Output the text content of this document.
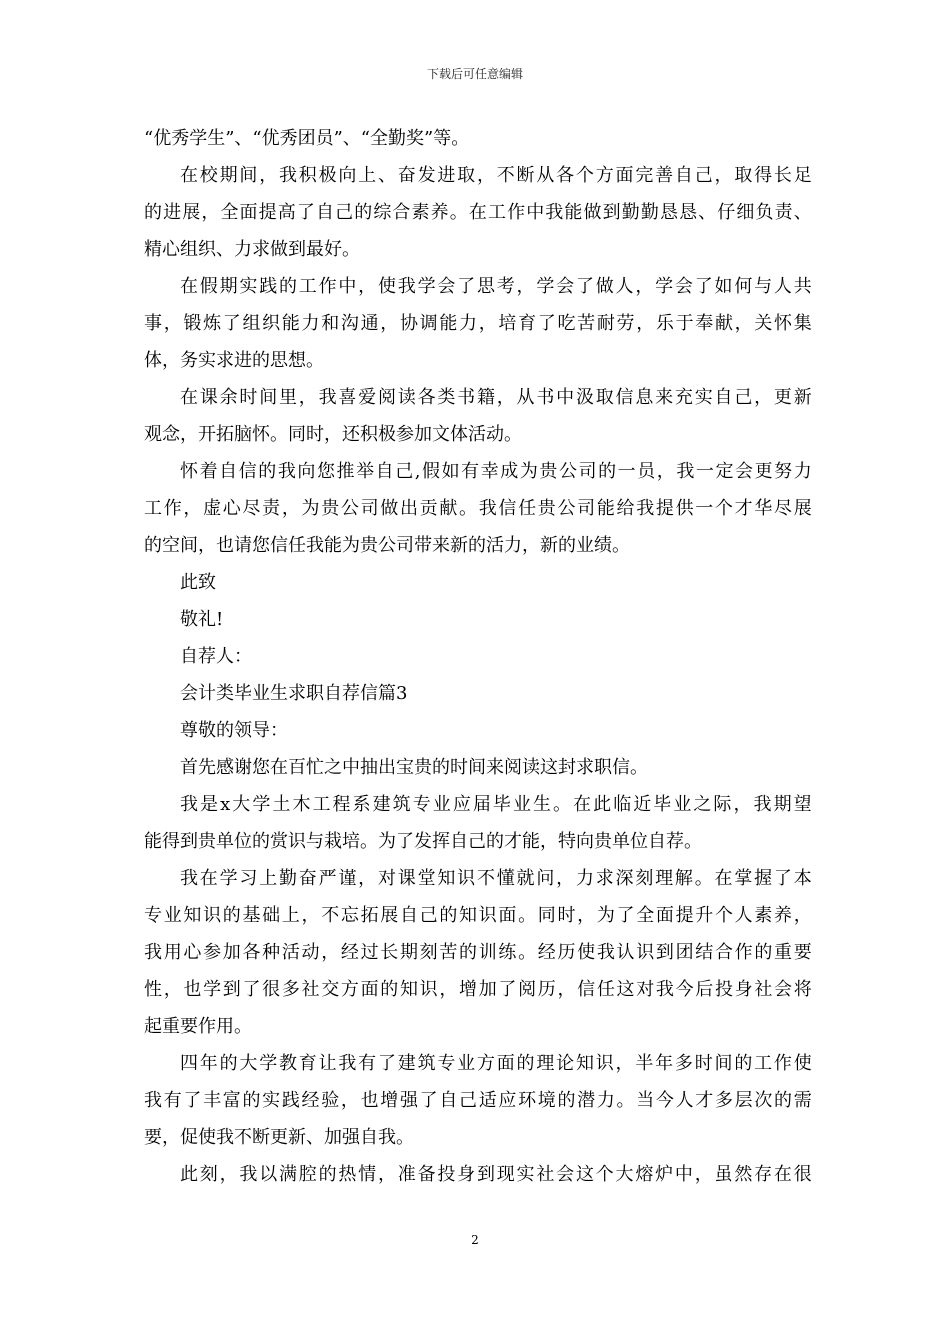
下载后可任意编辑
“优秀学生”、“优秀团员”、“全勤奖”等。
在 校 期 间 ， 我 积 极 向 上 、 奋 发 进 取 ， 不 断 从 各 个 方 面 完 善 自 己 ， 取 得 长 足
的 进 展 ， 全 面 提 高 了 自 己 的 综 合 素 养 。 在 工 作 中 我 能 做 到 勤 勤 恳 恳 、 仔 细 负 责 、
精心组织、力求做到最好。
在 假 期 实 践 的 工 作 中 ， 使 我 学 会 了 思 考 ， 学 会 了 做 人 ， 学 会 了 如 何 与 人 共
事 ， 锻 炼 了 组 织 能 力 和 沟 通 ， 协 调 能 力 ， 培 育 了 吃 苦 耐 劳 ， 乐 于 奉 献 ， 关 怀 集
体，务实求进的思想。
在 课 余 时 间 里 ， 我 喜 爱 阅 读 各 类 书 籍 ， 从 书 中 汲 取 信 息 来 充 实 自 己 ， 更 新
观念，开拓脑怀。同时，还积极参加文体活动。
怀 着 自 信 的 我 向 您 推 举 自 己 , 假 如 有 幸 成 为 贵 公 司 的 一 员 ， 我 一 定 会 更 努 力
工 作 ， 虚 心 尽 责 ， 为 贵 公 司 做 出 贡 献 。 我 信 任 贵 公 司 能 给 我 提 供 一 个 才 华 尽 展
的空间，也请您信任我能为贵公司带来新的活力，新的业绩。
此致
敬礼!
自荐人：
会计类毕业生求职自荐信篇3
尊敬的领导：
首先感谢您在百忙之中抽出宝贵的时间来阅读这封求职信。
我 是 x 大 学 土 木 工 程 系 建 筑 专 业 应 届 毕 业 生 。 在 此 临 近 毕 业 之 际 ， 我 期 望
能得到贵单位的赏识与栽培。为了发挥自己的才能，特向贵单位自荐。
我 在 学 习 上 勤 奋 严 谨 ， 对 课 堂 知 识 不 懂 就 问 ， 力 求 深 刻 理 解 。 在 掌 握 了 本
专 业 知 识 的 基 础 上 ， 不 忘 拓 展 自 己 的 知 识 面 。 同 时 ， 为 了 全 面 提 升 个 人 素 养 ，
我 用 心 参 加 各 种 活 动 ， 经 过 长 期 刻 苦 的 训 练 。 经 历 使 我 认 识 到 团 结 合 作 的 重 要
性 ， 也 学 到 了 很 多 社 交 方 面 的 知 识 ， 增 加 了 阅 历 ， 信 任 这 对 我 今 后 投 身 社 会 将
起重要作用。
四 年 的 大 学 教 育 让 我 有 了 建 筑 专 业 方 面 的 理 论 知 识 ， 半 年 多 时 间 的 工 作 使
我 有 了 丰 富 的 实 践 经 验 ， 也 增 强 了 自 己 适 应 环 境 的 潜 力 。 当 今 人 才 多 层 次 的 需
要，促使我不断更新、加强自我。
此 刻 ， 我 以 满 腔 的 热 情 ， 准 备 投 身 到 现 实 社 会 这 个 大 熔 炉 中 ， 虽 然 存 在 很
2
